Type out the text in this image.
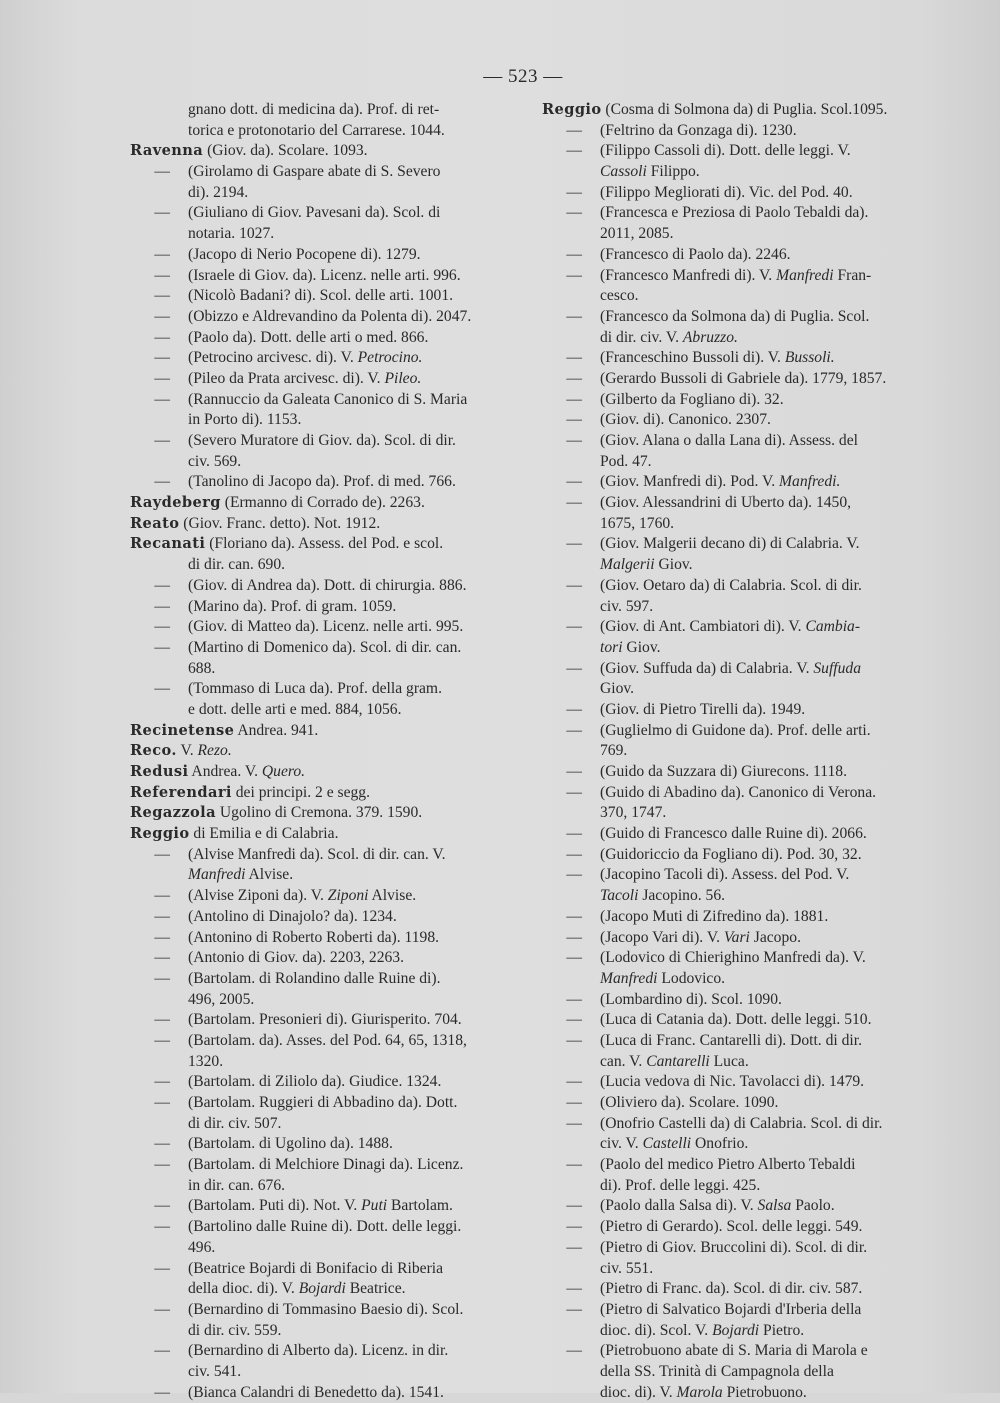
— 523 —
gnano dott. di medicina da). Prof. di ret-
torica e protonotario del Carrarese. 1044.
Ravenna (Giov. da). Scolare. 1093.
— (Girolamo di Gaspare abate di S. Severo
di). 2194.
— (Giuliano di Giov. Pavesani da). Scol. di
notaria. 1027.
— (Jacopo di Nerio Pocopene di). 1279.
— (Israele di Giov. da). Licenz. nelle arti. 996.
— (Nicolò Badani? di). Scol. delle arti. 1001.
— (Obizzo e Aldrevandino da Polenta di). 2047.
— (Paolo da). Dott. delle arti o med. 866.
— (Petrocino arcivesc. di). V. Petrocino.
— (Pileo da Prata arcivesc. di). V. Pileo.
— (Rannuccio da Galeata Canonico di S. Maria
in Porto di). 1153.
— (Severo Muratore di Giov. da). Scol. di dir.
civ. 569.
— (Tanolino di Jacopo da). Prof. di med. 766.
Raydeberg (Ermanno di Corrado de). 2263.
Reato (Giov. Franc. detto). Not. 1912.
Recanati (Floriano da). Assess. del Pod. e scol.
di dir. can. 690.
— (Giov. di Andrea da). Dott. di chirurgia. 886.
— (Marino da). Prof. di gram. 1059.
— (Giov. di Matteo da). Licenz. nelle arti. 995.
— (Martino di Domenico da). Scol. di dir. can.
688.
— (Tommaso di Luca da). Prof. della gram.
e dott. delle arti e med. 884, 1056.
Recinetense Andrea. 941.
Reco. V. Rezo.
Redusi Andrea. V. Quero.
Referendari dei principi. 2 e segg.
Regazzola Ugolino di Cremona. 379. 1590.
Reggio di Emilia e di Calabria.
— (Alvise Manfredi da). Scol. di dir. can. V.
Manfredi Alvise.
— (Alvise Ziponi da). V. Ziponi Alvise.
— (Antolino di Dinajolo? da). 1234.
— (Antonino di Roberto Roberti da). 1198.
— (Antonio di Giov. da). 2203, 2263.
— (Bartolam. di Rolandino dalle Ruine di).
496, 2005.
— (Bartolam. Presonieri di). Giurisperito. 704.
— (Bartolam. da). Asses. del Pod. 64, 65, 1318,
1320.
— (Bartolam. di Ziliolo da). Giudice. 1324.
— (Bartolam. Ruggieri di Abbadino da). Dott.
di dir. civ. 507.
— (Bartolam. di Ugolino da). 1488.
— (Bartolam. di Melchiore Dinagi da). Licenz.
in dir. can. 676.
— (Bartolam. Puti di). Not. V. Puti Bartolam.
— (Bartolino dalle Ruine di). Dott. delle leggi.
496.
— (Beatrice Bojardi di Bonifacio di Riberia
della dioc. di). V. Bojardi Beatrice.
— (Bernardino di Tommasino Baesio di). Scol.
di dir. civ. 559.
— (Bernardino di Alberto da). Licenz. in dir.
civ. 541.
— (Bianca Calandri di Benedetto da). 1541.
Reggio (Cosma di Solmona da) di Puglia. Scol.1095.
— (Feltrino da Gonzaga di). 1230.
— (Filippo Cassoli di). Dott. delle leggi. V.
Cassoli Filippo.
— (Filippo Megliorati di). Vic. del Pod. 40.
— (Francesca e Preziosa di Paolo Tebaldi da).
2011, 2085.
— (Francesco di Paolo da). 2246.
— (Francesco Manfredi di). V. Manfredi Fran-
cesco.
— (Francesco da Solmona da) di Puglia. Scol.
di dir. civ. V. Abruzzo.
— (Franceschino Bussoli di). V. Bussoli.
— (Gerardo Bussoli di Gabriele da). 1779, 1857.
— (Gilberto da Fogliano di). 32.
— (Giov. di). Canonico. 2307.
— (Giov. Alana o dalla Lana di). Assess. del
Pod. 47.
— (Giov. Manfredi di). Pod. V. Manfredi.
— (Giov. Alessandrini di Uberto da). 1450,
1675, 1760.
— (Giov. Malgerii decano di) di Calabria. V.
Malgerii Giov.
— (Giov. Oetaro da) di Calabria. Scol. di dir.
civ. 597.
— (Giov. di Ant. Cambiatori di). V. Cambia-
tori Giov.
— (Giov. Suffuda da) di Calabria. V. Suffuda
Giov.
— (Giov. di Pietro Tirelli da). 1949.
— (Guglielmo di Guidone da). Prof. delle arti.
769.
— (Guido da Suzzara di) Giurecons. 1118.
— (Guido di Abadino da). Canonico di Verona.
370, 1747.
— (Guido di Francesco dalle Ruine di). 2066.
— (Guidoriccio da Fogliano di). Pod. 30, 32.
— (Jacopino Tacoli di). Assess. del Pod. V.
Tacoli Jacopino. 56.
— (Jacopo Muti di Zifredino da). 1881.
— (Jacopo Vari di). V. Vari Jacopo.
— (Lodovico di Chierighino Manfredi da). V.
Manfredi Lodovico.
— (Lombardino di). Scol. 1090.
— (Luca di Catania da). Dott. delle leggi. 510.
— (Luca di Franc. Cantarelli di). Dott. di dir.
can. V. Cantarelli Luca.
— (Lucia vedova di Nic. Tavolacci di). 1479.
— (Oliviero da). Scolare. 1090.
— (Onofrio Castelli da) di Calabria. Scol. di dir.
civ. V. Castelli Onofrio.
— (Paolo del medico Pietro Alberto Tebaldi
di). Prof. delle leggi. 425.
— (Paolo dalla Salsa di). V. Salsa Paolo.
— (Pietro di Gerardo). Scol. delle leggi. 549.
— (Pietro di Giov. Bruccolini di). Scol. di dir.
civ. 551.
— (Pietro di Franc. da). Scol. di dir. civ. 587.
— (Pietro di Salvatico Bojardi d'Irberia della
dioc. di). Scol. V. Bojardi Pietro.
— (Pietrobuono abate di S. Maria di Marola e
della SS. Trinità di Campagnola della
dioc. di). V. Marola Pietrobuono.
